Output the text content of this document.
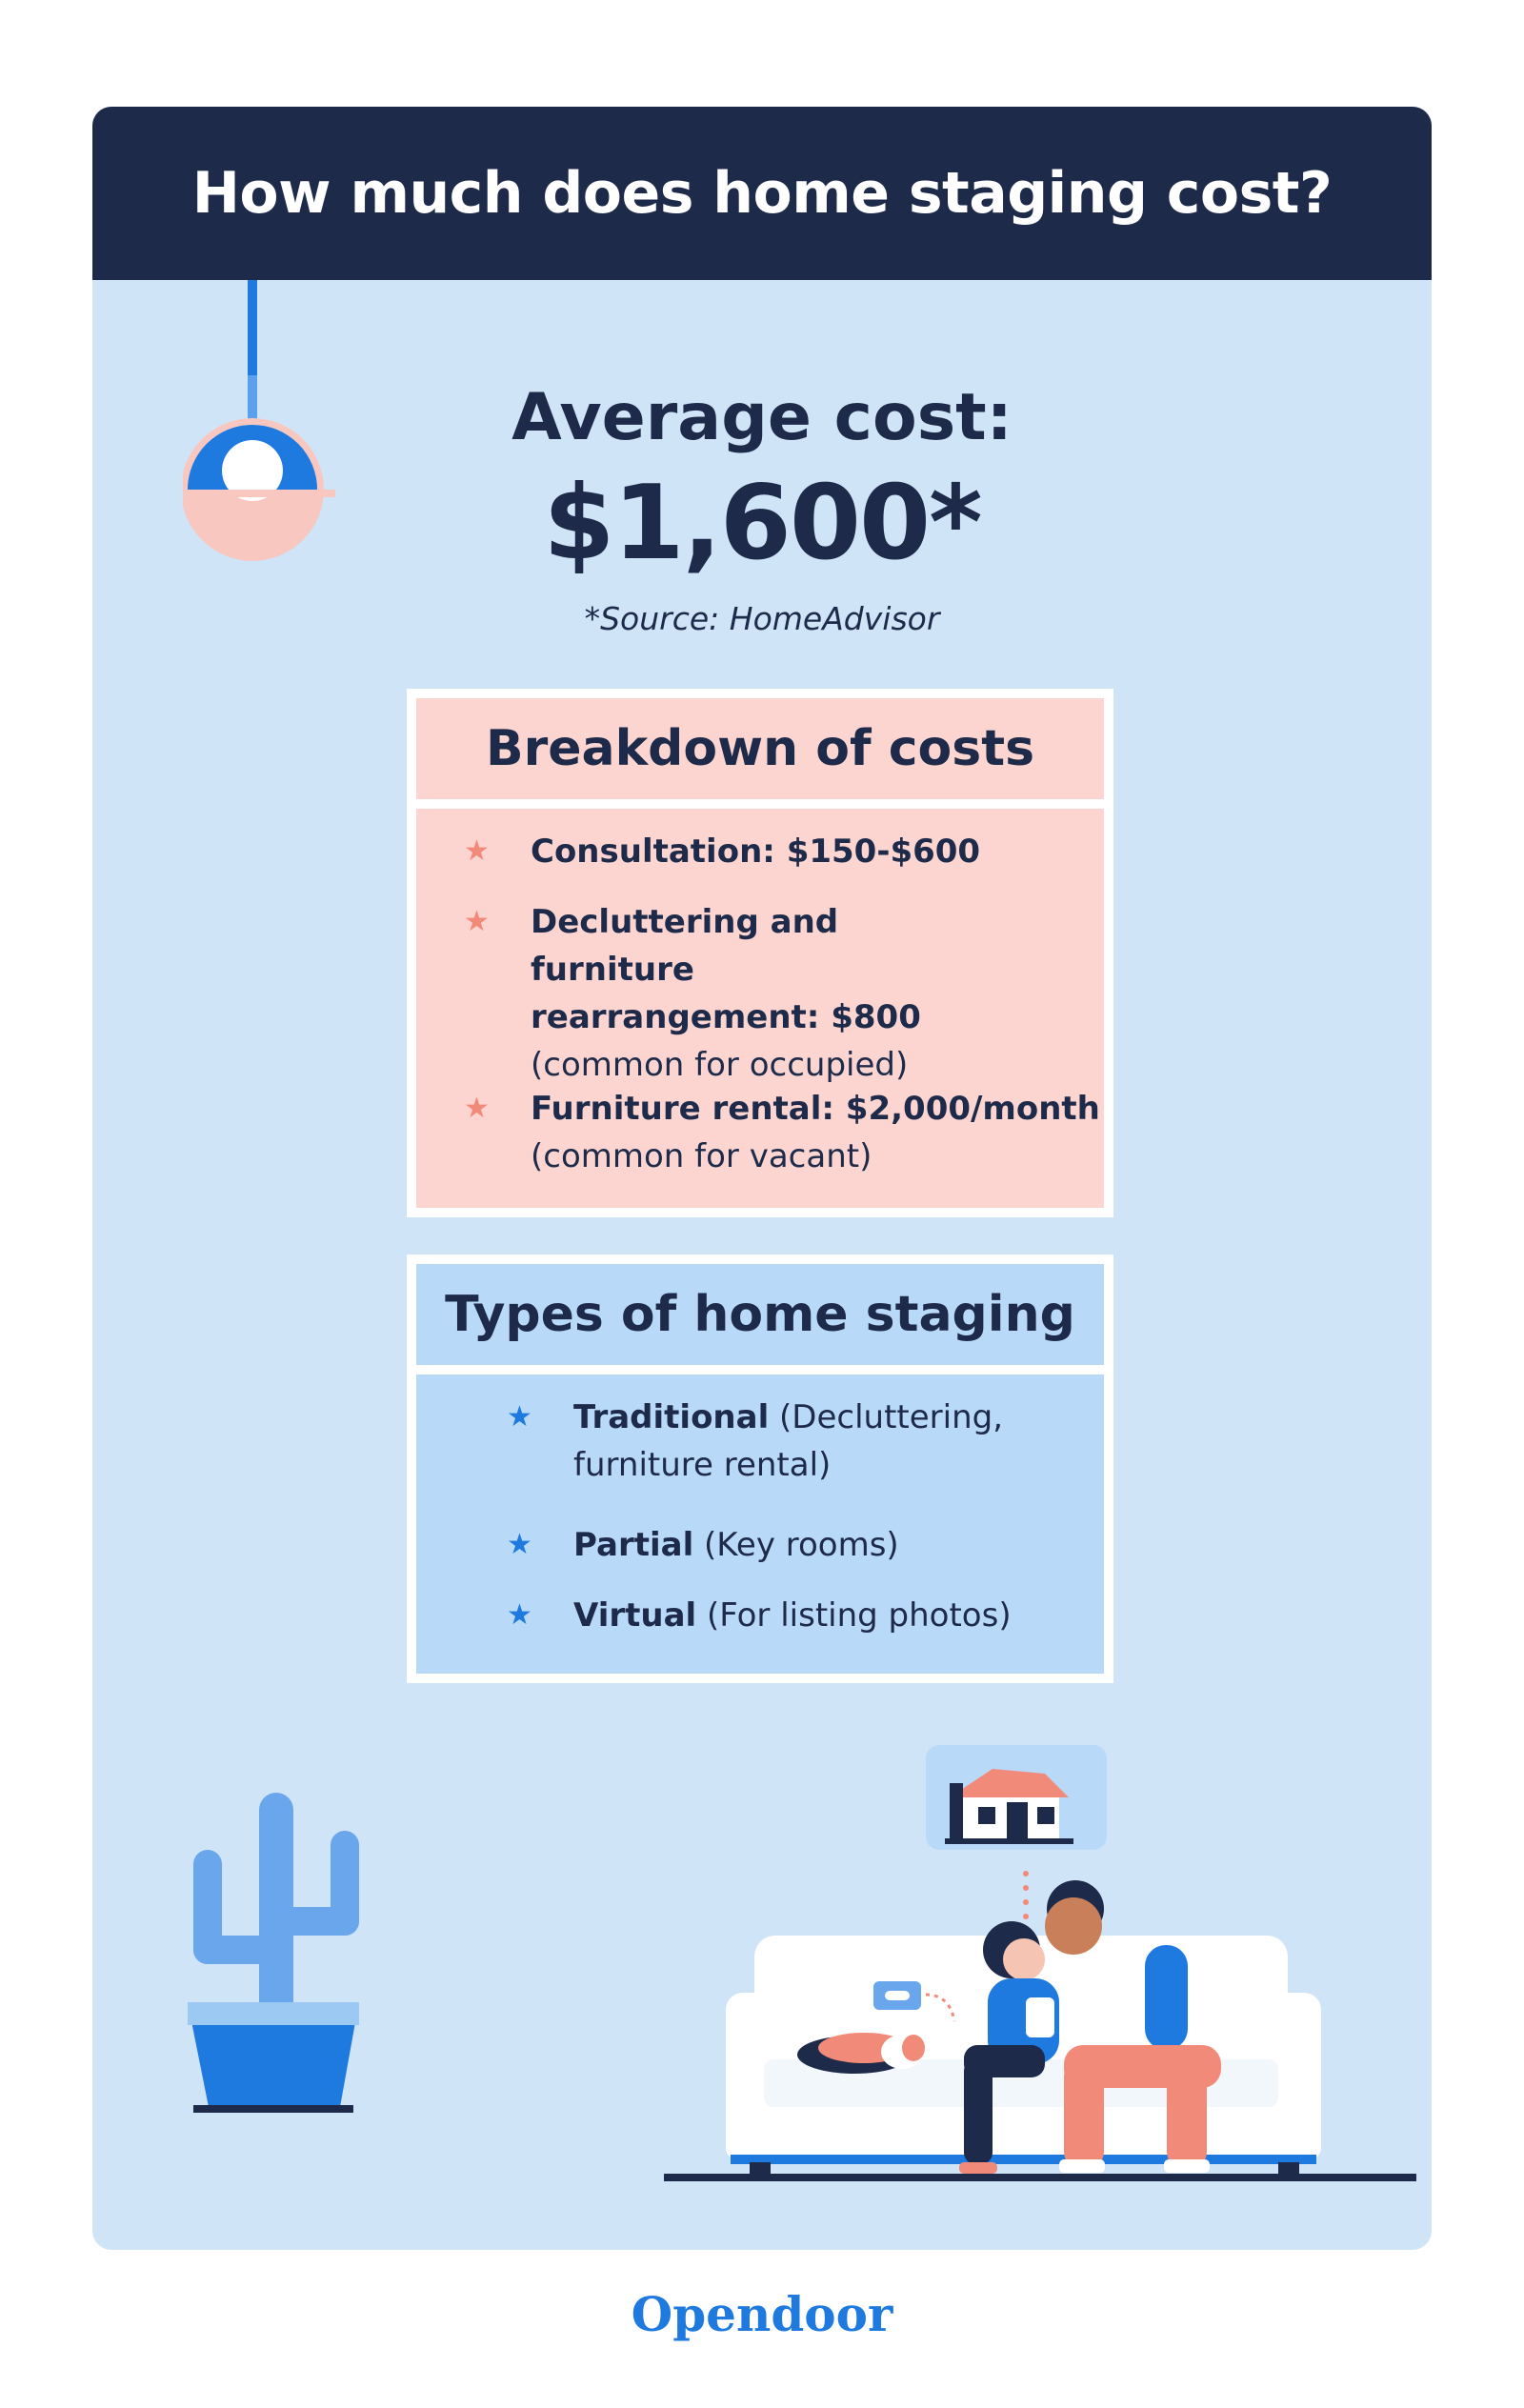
How much does home staging cost?
Average cost:
$1,600*
*Source: HomeAdvisor
Breakdown of costs
★ Consultation: $150-$600
★ Decluttering and furniture rearrangement: $800
(common for occupied)
★ Furniture rental: $2,000/month
(common for vacant)
Types of home staging
★ Traditional (Decluttering, furniture rental)
★ Partial (Key rooms)
★ Virtual (For listing photos)
Opendoor
